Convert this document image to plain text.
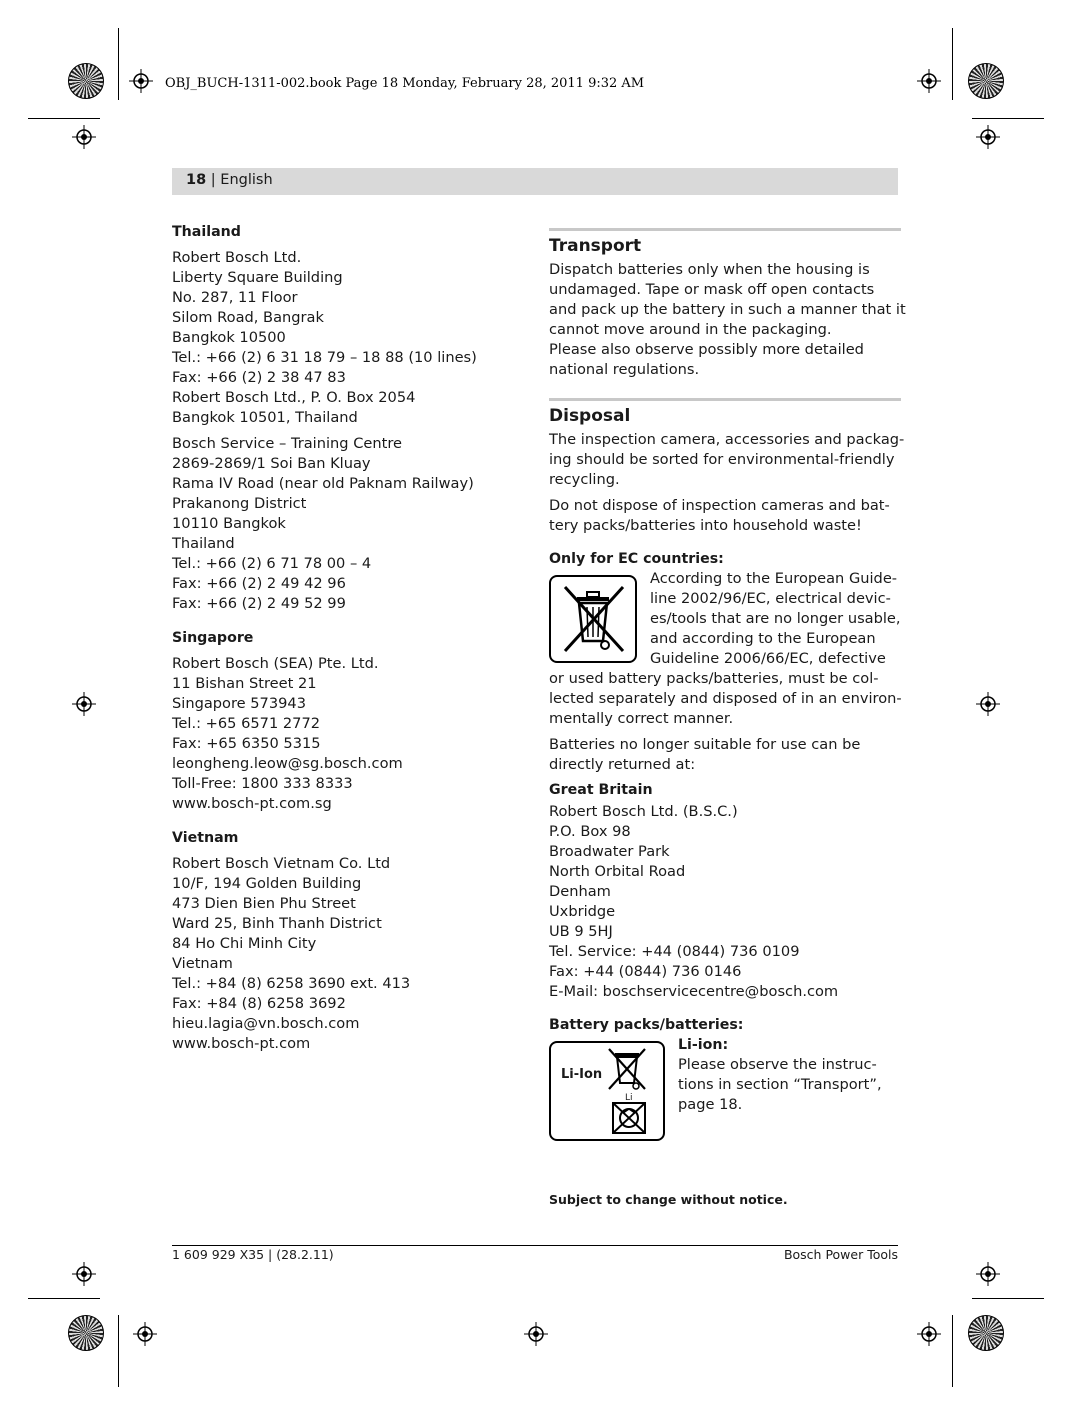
OBJ_BUCH-1311-002.book Page 18 Monday, February 28, 2011 9:32 AM
18 | English

Thailand

Robert Bosch Ltd.

Liberty Square Building

No. 287, 11 Floor

Silom Road, Bangrak

Bangkok 10500

Tel.: +66 (2) 6 31 18 79 – 18 88 (10 lines)

Fax: +66 (2) 2 38 47 83

Robert Bosch Ltd., P. O. Box 2054

Bangkok 10501, Thailand

Bosch Service – Training Centre

2869-2869/1 Soi Ban Kluay

Rama IV Road (near old Paknam Railway)

Prakanong District

10110 Bangkok

Thailand

Tel.: +66 (2) 6 71 78 00 – 4

Fax: +66 (2) 2 49 42 96

Fax: +66 (2) 2 49 52 99

Singapore

Robert Bosch (SEA) Pte. Ltd.

11 Bishan Street 21

Singapore 573943

Tel.: +65 6571 2772

Fax: +65 6350 5315

leongheng.leow@sg.bosch.com

Toll-Free: 1800 333 8333

www.bosch-pt.com.sg

Vietnam

Robert Bosch Vietnam Co. Ltd

10/F, 194 Golden Building

473 Dien Bien Phu Street

Ward 25, Binh Thanh District

84 Ho Chi Minh City

Vietnam

Tel.: +84 (8) 6258 3690 ext. 413

Fax: +84 (8) 6258 3692

hieu.lagia@vn.bosch.com

www.bosch-pt.com

Transport

Dispatch batteries only when the housing is

undamaged. Tape or mask off open contacts

and pack up the battery in such a manner that it

cannot move around in the packaging.

Please also observe possibly more detailed

national regulations.

Disposal

The inspection camera, accessories and packag-

ing should be sorted for environmental-friendly

recycling.

Do not dispose of inspection cameras and bat-

tery packs/batteries into household waste!

Only for EC countries:

According to the European Guide-

line 2002/96/EC, electrical devic-

es/tools that are no longer usable,

and according to the European

Guideline 2006/66/EC, defective

or used battery packs/batteries, must be col-

lected separately and disposed of in an environ-

mentally correct manner.

Batteries no longer suitable for use can be

directly returned at:

Great Britain

Robert Bosch Ltd. (B.S.C.)

P.O. Box 98

Broadwater Park

North Orbital Road

Denham

Uxbridge

UB 9 5HJ

Tel. Service: +44 (0844) 736 0109

Fax: +44 (0844) 736 0146

E-Mail: boschservicecentre@bosch.com

Battery packs/batteries:

Li-Ion
Li

Li-ion:

Please observe the instruc-

tions in section “Transport”,

page 18.

Subject to change without notice.
1 609 929 X35 | (28.2.11)	Bosch Power Tools
